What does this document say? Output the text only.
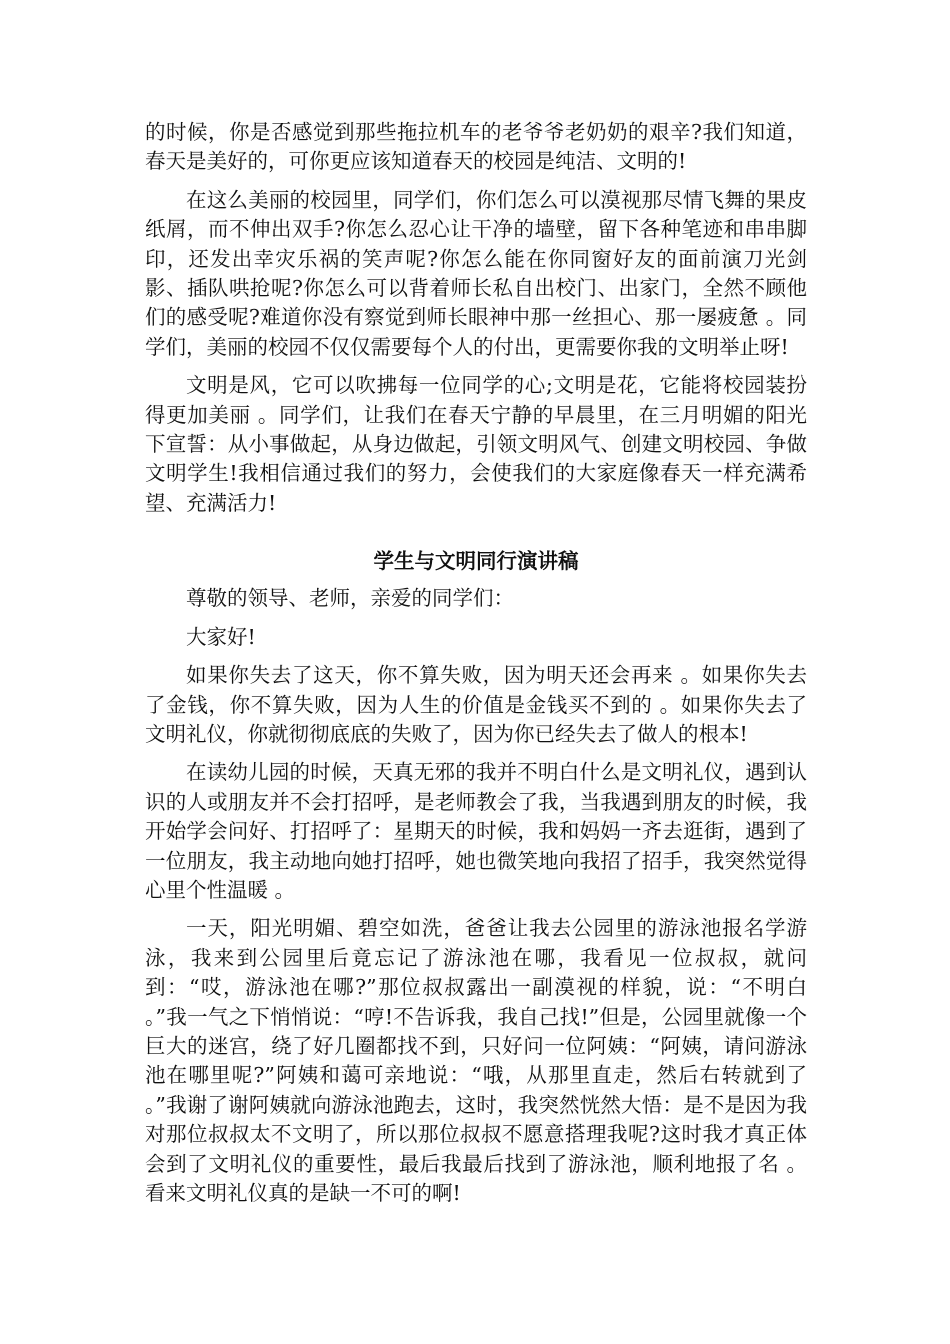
的时候，你是否感觉到那些拖拉机车的老爷爷老奶奶的艰辛?我们知道，春天是美好的，可你更应该知道春天的校园是纯洁、文明的!

在这么美丽的校园里，同学们，你们怎么可以漠视那尽情飞舞的果皮纸屑，而不伸出双手?你怎么忍心让干净的墙壁，留下各种笔迹和串串脚印，还发出幸灾乐祸的笑声呢?你怎么能在你同窗好友的面前演刀光剑影、插队哄抢呢?你怎么可以背着师长私自出校门、出家门，全然不顾他们的感受呢?难道你没有察觉到师长眼神中那一丝担心、那一屡疲惫 。同学们，美丽的校园不仅仅需要每个人的付出，更需要你我的文明举止呀!

文明是风，它可以吹拂每一位同学的心;文明是花，它能将校园装扮得更加美丽 。同学们，让我们在春天宁静的早晨里，在三月明媚的阳光下宣誓：从小事做起，从身边做起，引领文明风气、创建文明校园、争做文明学生!我相信通过我们的努力，会使我们的大家庭像春天一样充满希望、充满活力!

学生与文明同行演讲稿

尊敬的领导、老师，亲爱的同学们：

大家好!

如果你失去了这天，你不算失败，因为明天还会再来 。如果你失去了金钱，你不算失败，因为人生的价值是金钱买不到的 。如果你失去了文明礼仪，你就彻彻底底的失败了，因为你已经失去了做人的根本!

在读幼儿园的时候，天真无邪的我并不明白什么是文明礼仪，遇到认识的人或朋友并不会打招呼，是老师教会了我，当我遇到朋友的时候，我开始学会问好、打招呼了：星期天的时候，我和妈妈一齐去逛街，遇到了一位朋友，我主动地向她打招呼，她也微笑地向我招了招手，我突然觉得心里个性温暖 。

一天，阳光明媚、碧空如洗，爸爸让我去公园里的游泳池报名学游泳，我来到公园里后竟忘记了游泳池在哪，我看见一位叔叔，就问到：“哎，游泳池在哪?”那位叔叔露出一副漠视的样貌，说：“不明白 。”我一气之下悄悄说：“哼!不告诉我，我自己找!”但是，公园里就像一个巨大的迷宫，绕了好几圈都找不到，只好问一位阿姨：“阿姨，请问游泳池在哪里呢?”阿姨和蔼可亲地说：“哦，从那里直走，然后右转就到了 。”我谢了谢阿姨就向游泳池跑去，这时，我突然恍然大悟：是不是因为我对那位叔叔太不文明了，所以那位叔叔不愿意搭理我呢?这时我才真正体会到了文明礼仪的重要性，最后我最后找到了游泳池，顺利地报了名 。看来文明礼仪真的是缺一不可的啊!
